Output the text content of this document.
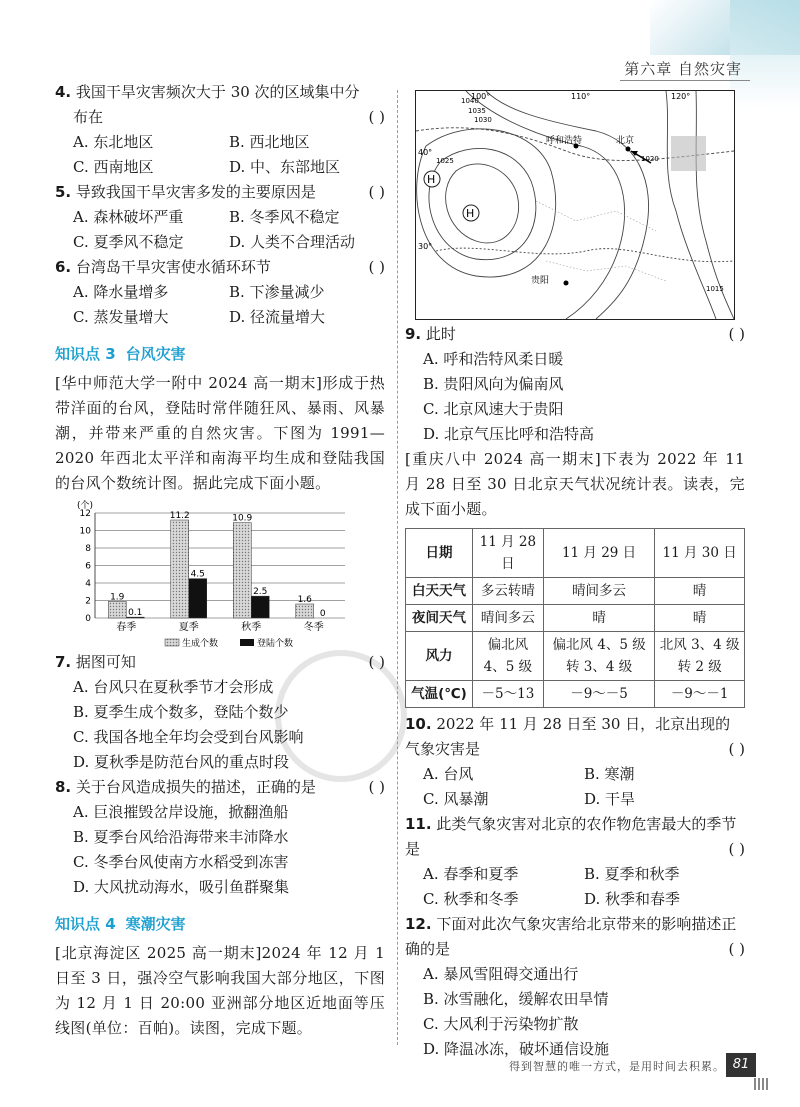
第六章 自然灾害
4. 我国干旱灾害频次大于 30 次的区域集中分
布在	( )
A. 东北地区	B. 西北地区
C. 西南地区	D. 中、东部地区
5. 导致我国干旱灾害多发的主要原因是	( )
A. 森林破坏严重	B. 冬季风不稳定
C. 夏季风不稳定	D. 人类不合理活动
6. 台湾岛干旱灾害使水循环环节	( )
A. 降水量增多	B. 下渗量减少
C. 蒸发量增大	D. 径流量增大
知识点 3 台风灾害
[华中师范大学一附中 2024 高一期末]形成于热带洋面的台风，登陆时常伴随狂风、暴雨、风暴潮，并带来严重的自然灾害。下图为 1991—2020 年西北太平洋和南海平均生成和登陆我国的台风个数统计图。据此完成下面小题。
(个)
0
2
4
6
8
10
12
1.9
0.1
春季
11.2
4.5
夏季
10.9
2.5
秋季
1.6
0
冬季
生成个数	登陆个数
7. 据图可知	( )
A. 台风只在夏秋季节才会形成
B. 夏季生成个数多，登陆个数少
C. 我国各地全年均会受到台风影响
D. 夏秋季是防范台风的重点时段
8. 关于台风造成损失的描述，正确的是	( )
A. 巨浪摧毁岔岸设施，掀翻渔船
B. 夏季台风给沿海带来丰沛降水
C. 冬季台风使南方水稻受到冻害
D. 大风扰动海水，吸引鱼群聚集
知识点 4 寒潮灾害
[北京海淀区 2025 高一期末]2024 年 12 月 1 日至 3 日，强冷空气影响我国大部分地区，下图为 12 月 1 日 20:00 亚洲部分地区近地面等压线图(单位：百帕)。读图，完成下题。
呼和浩特	北京
贵阳
H
H
1040
1035
1030
1025	1020
1015
100°	110°	120°
40°
30°
9. 此时	( )
A. 呼和浩特风柔日暖
B. 贵阳风向为偏南风
C. 北京风速大于贵阳
D. 北京气压比呼和浩特高
[重庆八中 2024 高一期末]下表为 2022 年 11 月 28 日至 30 日北京天气状况统计表。读表，完成下面小题。
日期	11 月 28 日	11 月 29 日	11 月 30 日
白天天气	多云转晴	晴间多云	晴
夜间天气	晴间多云	晴	晴
风力	偏北风 4、5 级	偏北风 4、5 级转 3、4 级	北风 3、4 级转 2 级
气温(℃)	－5～13	－9～－5	－9～－1
10. 2022 年 11 月 28 日至 30 日，北京出现的气象灾害是	( )
A. 台风	B. 寒潮
C. 风暴潮	D. 干旱
11. 此类气象灾害对北京的农作物危害最大的季节是	( )
A. 春季和夏季	B. 夏季和秋季
C. 秋季和冬季	D. 秋季和春季
12. 下面对此次气象灾害给北京带来的影响描述正确的是	( )
A. 暴风雪阻碍交通出行
B. 冰雪融化，缓解农田旱情
C. 大风利于污染物扩散
D. 降温冰冻，破坏通信设施
得到智慧的唯一方式，是用时间去积累。 81
